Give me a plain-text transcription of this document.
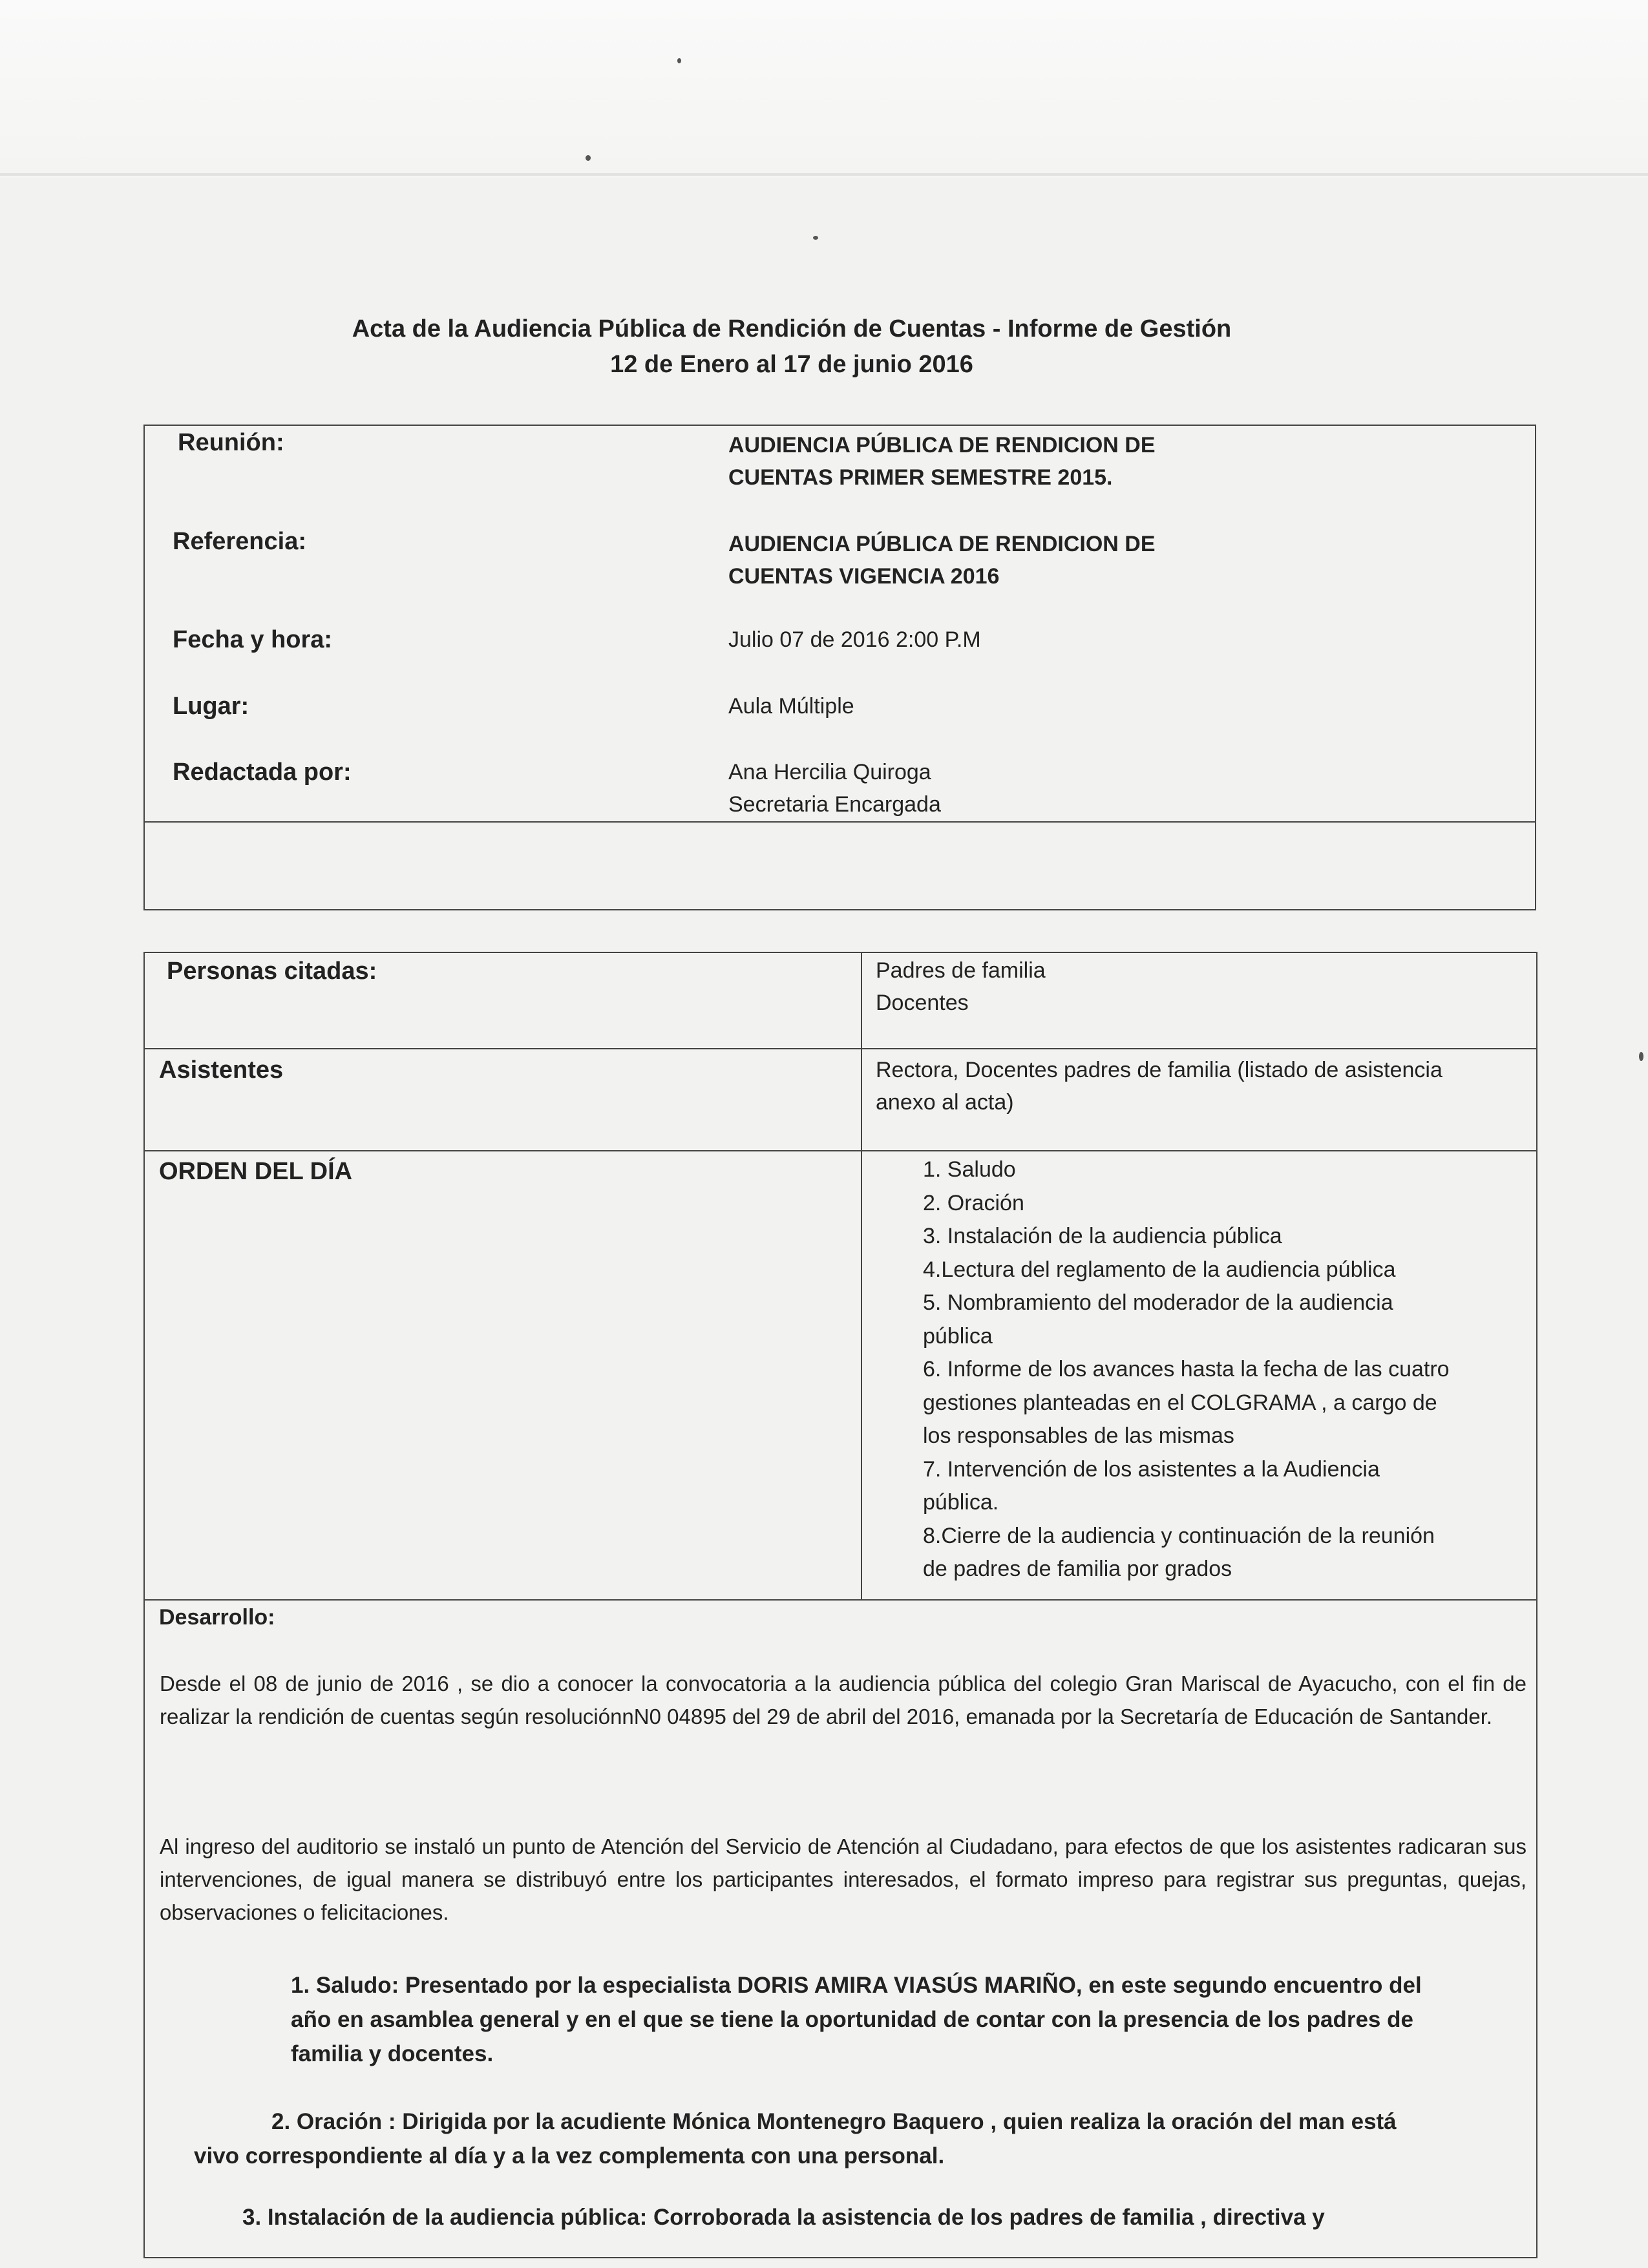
Acta de la Audiencia Pública de Rendición de Cuentas - Informe de Gestión
12 de Enero al 17 de junio 2016
Reunión:	AUDIENCIA PÚBLICA DE RENDICION DE
CUENTAS PRIMER SEMESTRE 2015.
Referencia:	AUDIENCIA PÚBLICA DE RENDICION DE
CUENTAS VIGENCIA 2016
Fecha y hora:	Julio 07 de 2016 2:00 P.M
Lugar:	Aula Múltiple
Redactada por:	Ana Hercilia Quiroga
Secretaria Encargada
Personas citadas:	Padres de familia
Docentes
Asistentes	Rectora, Docentes padres de familia (listado de asistencia
anexo al acta)
ORDEN DEL DÍA	1. Saludo
2. Oración
3. Instalación de la audiencia pública
4.Lectura del reglamento de la audiencia pública
5. Nombramiento del moderador de la audiencia
pública
6. Informe de los avances hasta la fecha de las cuatro
gestiones planteadas en el COLGRAMA , a cargo de
los responsables de las mismas
7. Intervención de los asistentes a la Audiencia
pública.
8.Cierre de la audiencia y continuación de la reunión
de padres de familia por grados
Desarrollo:

Desde el 08 de junio de 2016 , se dio a conocer la convocatoria a la audiencia pública del colegio Gran Mariscal de Ayacucho, con el fin de realizar la rendición de cuentas según resoluciónnN0 04895 del 29 de abril del 2016, emanada por la Secretaría de Educación de Santander.

Al ingreso del auditorio se instaló un punto de Atención del Servicio de Atención al Ciudadano, para efectos de que los asistentes radicaran sus intervenciones, de igual manera se distribuyó entre los participantes interesados, el formato impreso para registrar sus preguntas, quejas, observaciones o felicitaciones.

1. Saludo: Presentado por la especialista DORIS AMIRA VIASÚS MARIÑO, en este segundo encuentro del
año en asamblea general y en el que se tiene la oportunidad de contar con la presencia de los padres de
familia y docentes.
2. Oración : Dirigida por la acudiente Mónica Montenegro Baquero , quien realiza la oración del man está
vivo correspondiente al día y a la vez complementa con una personal.
3. Instalación de la audiencia pública: Corroborada la asistencia de los padres de familia , directiva y
